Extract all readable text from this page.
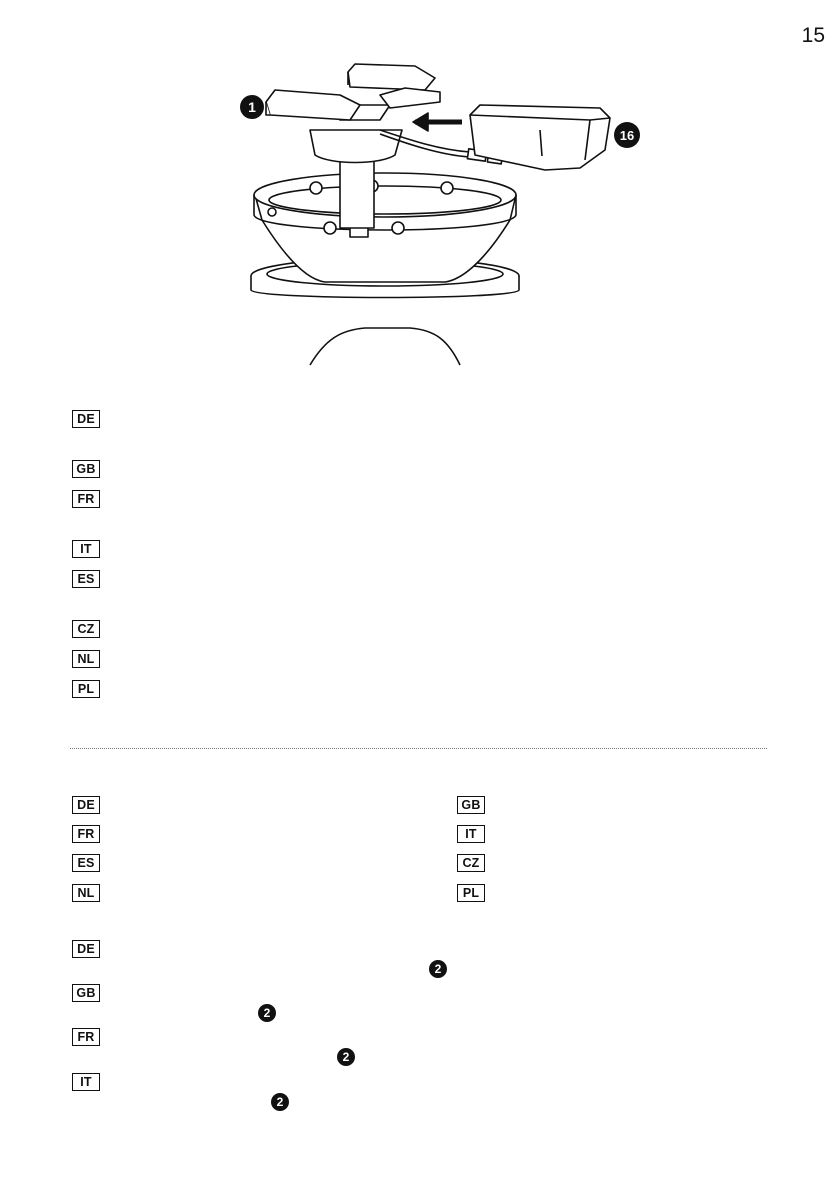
15
1
16
DE
GB
FR
IT
ES
CZ
NL
PL
DE
FR
ES
NL
GB
IT
CZ
PL
DE
2
GB
2
FR
2
IT
2
